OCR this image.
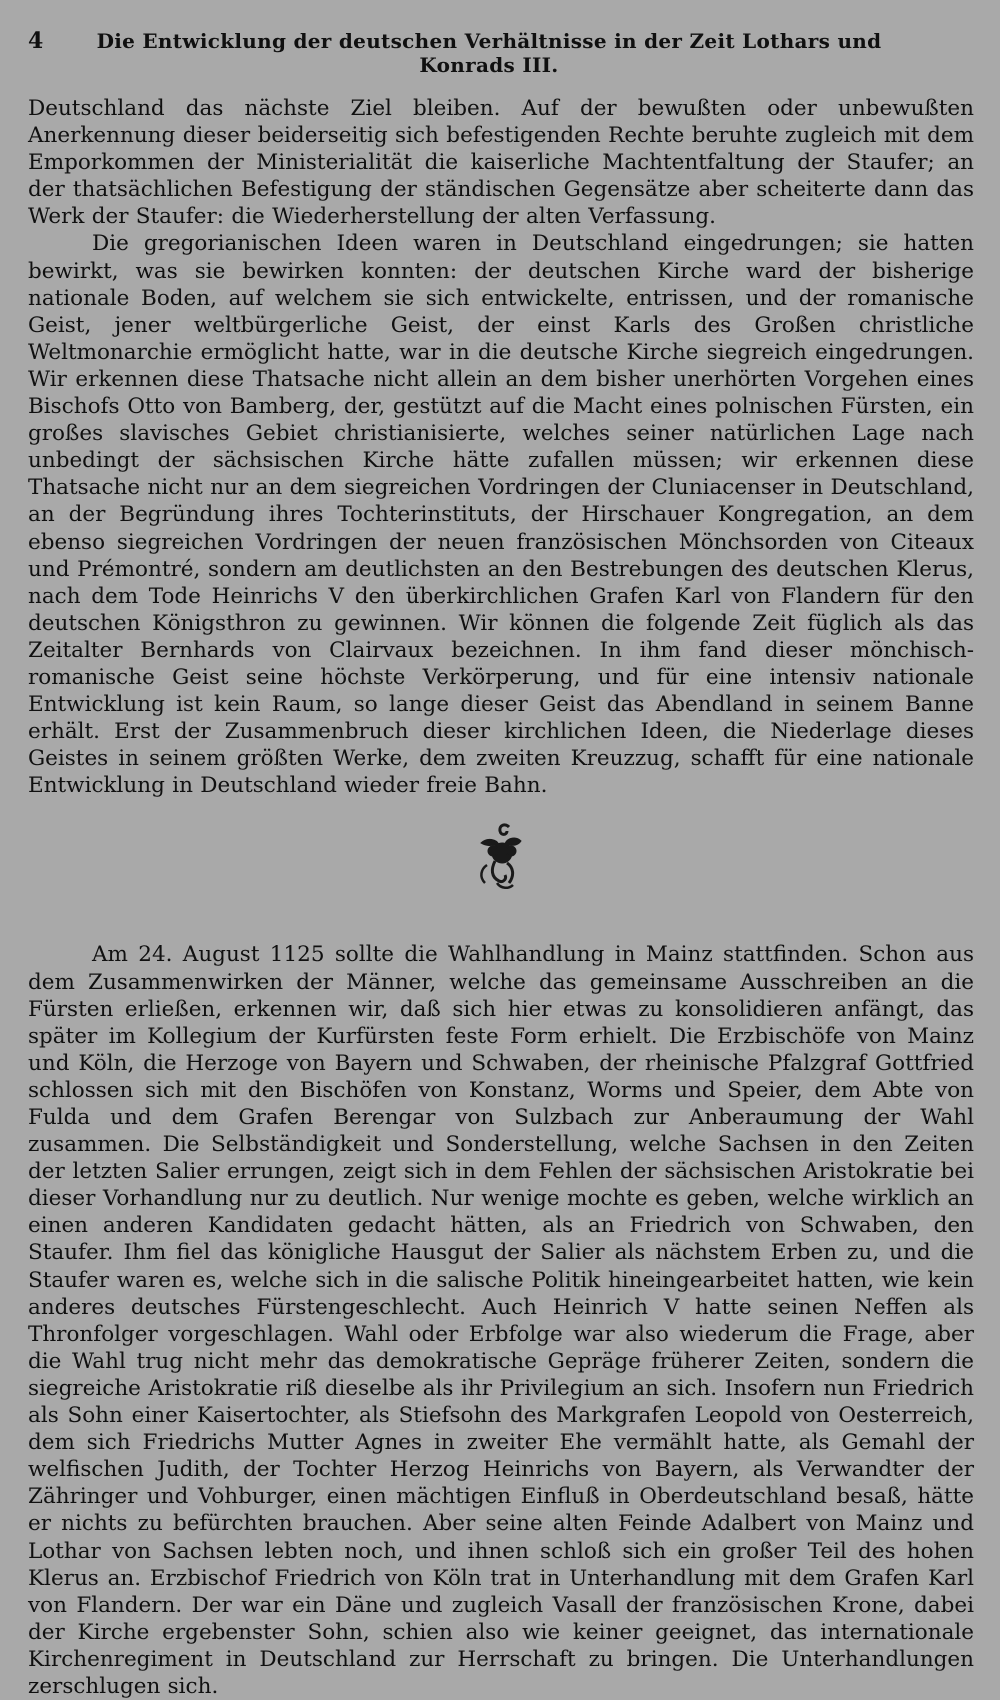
4	Die Entwicklung der deutschen Verhältnisse in der Zeit Lothars und Konrads III.

Deutschland das nächste Ziel bleiben. Auf der bewußten oder unbewußten Anerkennung dieser beiderseitig sich befestigenden Rechte beruhte zugleich mit dem Emporkommen der Ministerialität die kaiserliche Machtentfaltung der Staufer; an der thatsächlichen Befestigung der ständischen Gegensätze aber scheiterte dann das Werk der Staufer: die Wiederherstellung der alten Verfassung.

Die gregorianischen Ideen waren in Deutschland eingedrungen; sie hatten bewirkt, was sie bewirken konnten: der deutschen Kirche ward der bisherige nationale Boden, auf welchem sie sich entwickelte, entrissen, und der romanische Geist, jener weltbürgerliche Geist, der einst Karls des Großen christliche Weltmonarchie ermöglicht hatte, war in die deutsche Kirche siegreich eingedrungen. Wir erkennen diese Thatsache nicht allein an dem bisher unerhörten Vorgehen eines Bischofs Otto von Bamberg, der, gestützt auf die Macht eines polnischen Fürsten, ein großes slavisches Gebiet christianisierte, welches seiner natürlichen Lage nach unbedingt der sächsischen Kirche hätte zufallen müssen; wir erkennen diese Thatsache nicht nur an dem siegreichen Vordringen der Cluniacenser in Deutschland, an der Begründung ihres Tochterinstituts, der Hirschauer Kongregation, an dem ebenso siegreichen Vordringen der neuen französischen Mönchsorden von Citeaux und Prémontré, sondern am deutlichsten an den Bestrebungen des deutschen Klerus, nach dem Tode Heinrichs V den überkirchlichen Grafen Karl von Flandern für den deutschen Königsthron zu gewinnen. Wir können die folgende Zeit füglich als das Zeitalter Bernhards von Clairvaux bezeichnen. In ihm fand dieser mönchisch-romanische Geist seine höchste Verkörperung, und für eine intensiv nationale Entwicklung ist kein Raum, so lange dieser Geist das Abendland in seinem Banne erhält. Erst der Zusammenbruch dieser kirchlichen Ideen, die Niederlage dieses Geistes in seinem größten Werke, dem zweiten Kreuzzug, schafft für eine nationale Entwicklung in Deutschland wieder freie Bahn.

Am 24. August 1125 sollte die Wahlhandlung in Mainz stattfinden. Schon aus dem Zusammenwirken der Männer, welche das gemeinsame Ausschreiben an die Fürsten erließen, erkennen wir, daß sich hier etwas zu konsolidieren anfängt, das später im Kollegium der Kurfürsten feste Form erhielt. Die Erzbischöfe von Mainz und Köln, die Herzoge von Bayern und Schwaben, der rheinische Pfalzgraf Gottfried schlossen sich mit den Bischöfen von Konstanz, Worms und Speier, dem Abte von Fulda und dem Grafen Berengar von Sulzbach zur Anberaumung der Wahl zusammen. Die Selbständigkeit und Sonderstellung, welche Sachsen in den Zeiten der letzten Salier errungen, zeigt sich in dem Fehlen der sächsischen Aristokratie bei dieser Vorhandlung nur zu deutlich. Nur wenige mochte es geben, welche wirklich an einen anderen Kandidaten gedacht hätten, als an Friedrich von Schwaben, den Staufer. Ihm fiel das königliche Hausgut der Salier als nächstem Erben zu, und die Staufer waren es, welche sich in die salische Politik hineingearbeitet hatten, wie kein anderes deutsches Fürstengeschlecht. Auch Heinrich V hatte seinen Neffen als Thronfolger vorgeschlagen. Wahl oder Erbfolge war also wiederum die Frage, aber die Wahl trug nicht mehr das demokratische Gepräge früherer Zeiten, sondern die siegreiche Aristokratie riß dieselbe als ihr Privilegium an sich. Insofern nun Friedrich als Sohn einer Kaisertochter, als Stiefsohn des Markgrafen Leopold von Oesterreich, dem sich Friedrichs Mutter Agnes in zweiter Ehe vermählt hatte, als Gemahl der welfischen Judith, der Tochter Herzog Heinrichs von Bayern, als Verwandter der Zähringer und Vohburger, einen mächtigen Einfluß in Oberdeutschland besaß, hätte er nichts zu befürchten brauchen. Aber seine alten Feinde Adalbert von Mainz und Lothar von Sachsen lebten noch, und ihnen schloß sich ein großer Teil des hohen Klerus an. Erzbischof Friedrich von Köln trat in Unterhandlung mit dem Grafen Karl von Flandern. Der war ein Däne und zugleich Vasall der französischen Krone, dabei der Kirche ergebenster Sohn, schien also wie keiner geeignet, das internationale Kirchenregiment in Deutschland zur Herrschaft zu bringen. Die Unterhandlungen zerschlugen sich.
